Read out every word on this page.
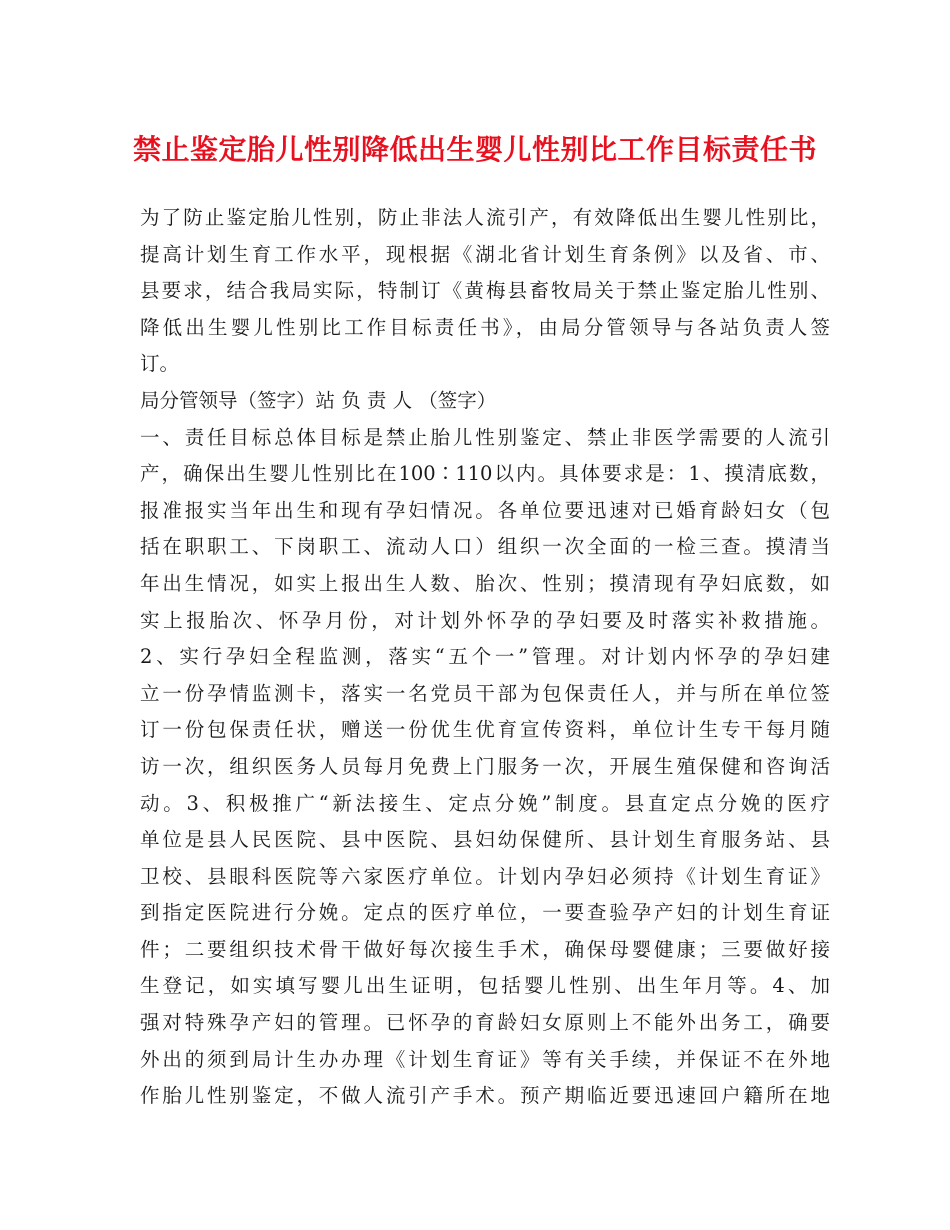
禁止鉴定胎儿性别降低出生婴儿性别比工作目标责任书
为了防止鉴定胎儿性别，防止非法人流引产，有效降低出生婴儿性别比，
提高计划生育工作水平，现根据《湖北省计划生育条例》以及省、市、
县要求，结合我局实际，特制订《黄梅县畜牧局关于禁止鉴定胎儿性别、
降低出生婴儿性别比工作目标责任书》，由局分管领导与各站负责人签
订。
局分管领导（签字）站 负 责 人 （签字）
一、责任目标总体目标是禁止胎儿性别鉴定、禁止非医学需要的人流引
产，确保出生婴儿性别比在100∶110以内。具体要求是：1、摸清底数，
报准报实当年出生和现有孕妇情况。各单位要迅速对已婚育龄妇女（包
括在职职工、下岗职工、流动人口）组织一次全面的一检三查。摸清当
年出生情况，如实上报出生人数、胎次、性别；摸清现有孕妇底数，如
实上报胎次、怀孕月份，对计划外怀孕的孕妇要及时落实补救措施。
2、实行孕妇全程监测，落实“五个一”管理。对计划内怀孕的孕妇建
立一份孕情监测卡，落实一名党员干部为包保责任人，并与所在单位签
订一份包保责任状，赠送一份优生优育宣传资料，单位计生专干每月随
访一次，组织医务人员每月免费上门服务一次，开展生殖保健和咨询活
动。3、积极推广“新法接生、定点分娩”制度。县直定点分娩的医疗
单位是县人民医院、县中医院、县妇幼保健所、县计划生育服务站、县
卫校、县眼科医院等六家医疗单位。计划内孕妇必须持《计划生育证》
到指定医院进行分娩。定点的医疗单位，一要查验孕产妇的计划生育证
件；二要组织技术骨干做好每次接生手术，确保母婴健康；三要做好接
生登记，如实填写婴儿出生证明，包括婴儿性别、出生年月等。4、加
强对特殊孕产妇的管理。已怀孕的育龄妇女原则上不能外出务工，确要
外出的须到局计生办办理《计划生育证》等有关手续，并保证不在外地
作胎儿性别鉴定，不做人流引产手术。预产期临近要迅速回户籍所在地
